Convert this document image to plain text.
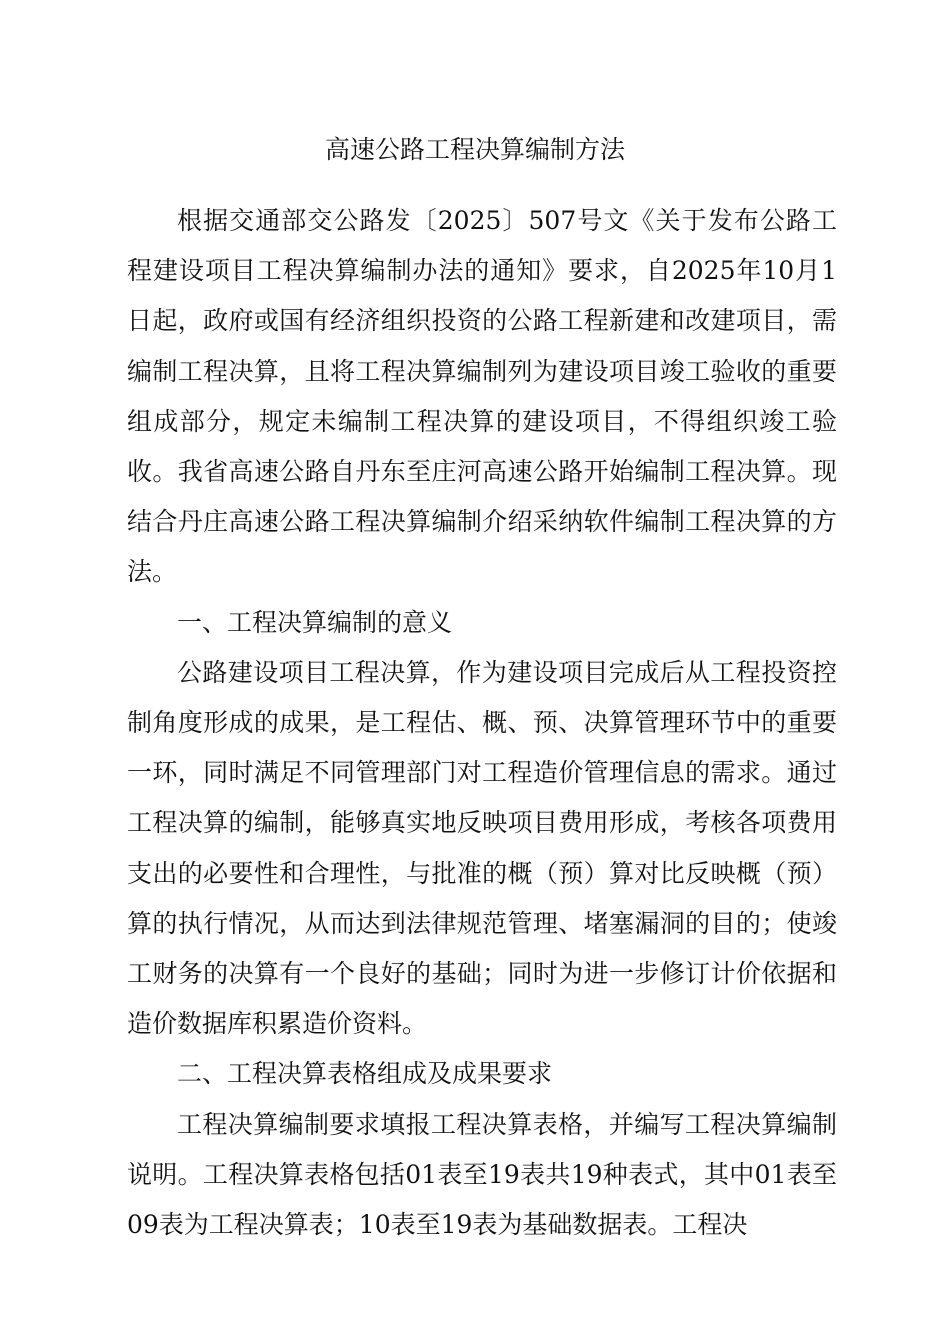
高速公路工程决算编制方法

根据交通部交公路发〔2025〕507号文《关于发布公路工程建设项目工程决算编制办法的通知》要求，自2025年10月1日起，政府或国有经济组织投资的公路工程新建和改建项目，需编制工程决算，且将工程决算编制列为建设项目竣工验收的重要组成部分，规定未编制工程决算的建设项目，不得组织竣工验收。我省高速公路自丹东至庄河高速公路开始编制工程决算。现结合丹庄高速公路工程决算编制介绍采纳软件编制工程决算的方法。

一、工程决算编制的意义

公路建设项目工程决算，作为建设项目完成后从工程投资控制角度形成的成果，是工程估、概、预、决算管理环节中的重要一环，同时满足不同管理部门对工程造价管理信息的需求。通过工程决算的编制，能够真实地反映项目费用形成，考核各项费用支出的必要性和合理性，与批准的概（预）算对比反映概（预）算的执行情况，从而达到法律规范管理、堵塞漏洞的目的；使竣工财务的决算有一个良好的基础；同时为进一步修订计价依据和造价数据库积累造价资料。

二、工程决算表格组成及成果要求

工程决算编制要求填报工程决算表格，并编写工程决算编制说明。工程决算表格包括01表至19表共19种表式，其中01表至09表为工程决算表；10表至19表为基础数据表。工程决
